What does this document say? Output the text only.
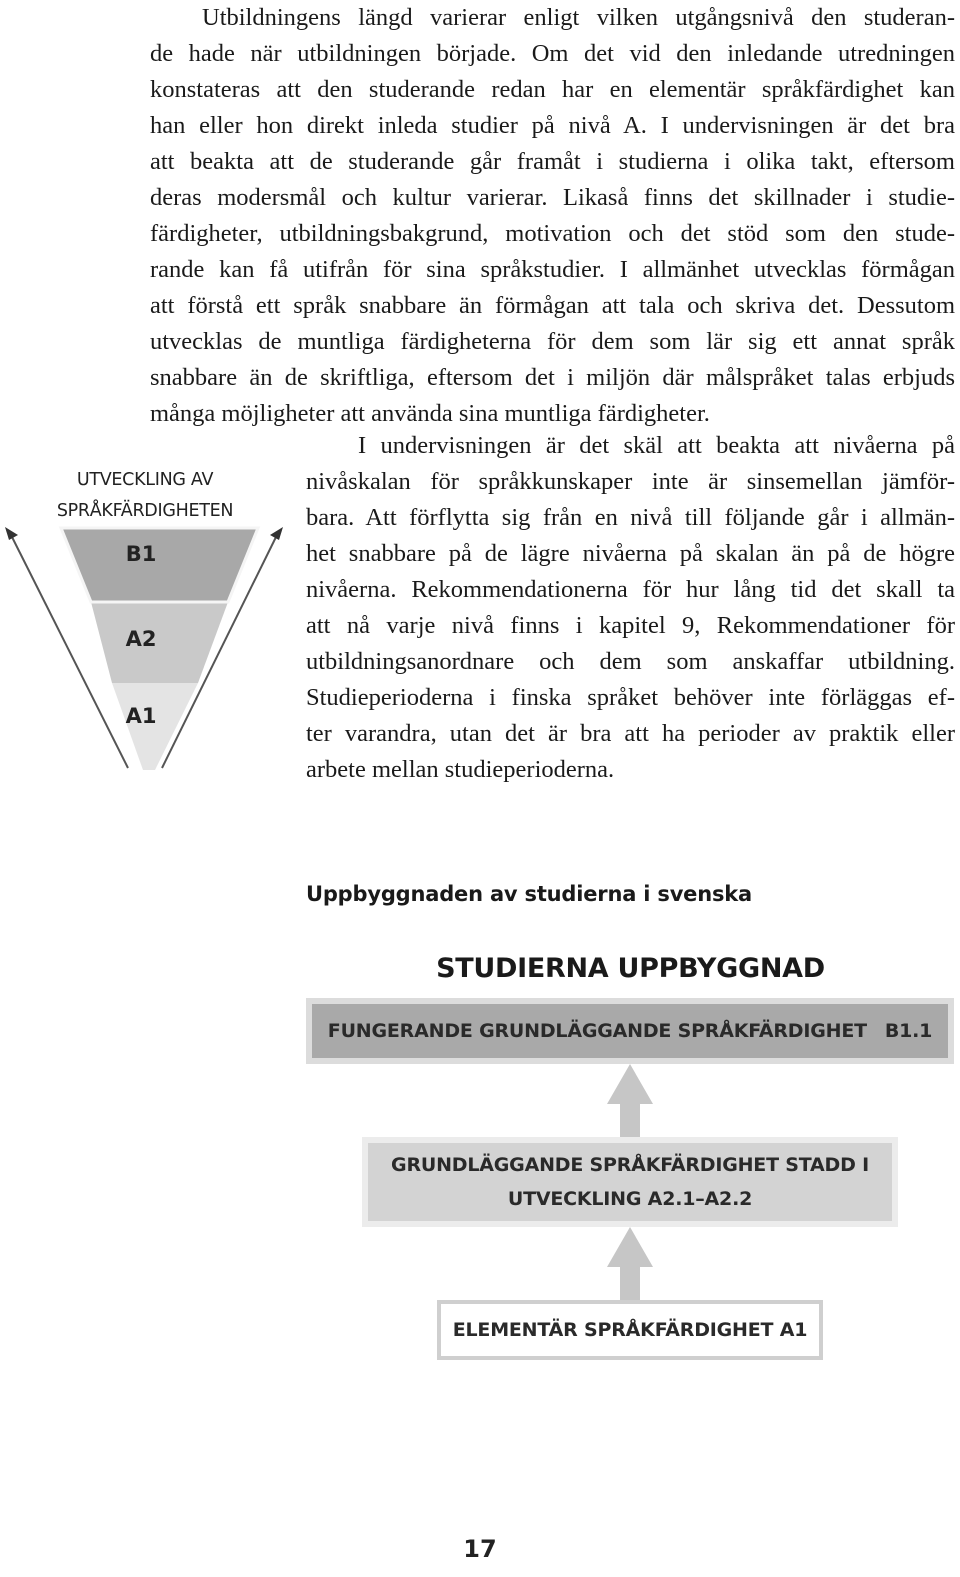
Utbildningens längd varierar enligt vilken utgångsnivå den studeran-
de hade när utbildningen började. Om det vid den inledande utredningen
konstateras att den studerande redan har en elementär språkfärdighet kan
han eller hon direkt inleda studier på nivå A. I undervisningen är det bra
att beakta att de studerande går framåt i studierna i olika takt, eftersom
deras modersmål och kultur varierar. Likaså finns det skillnader i studie-
färdigheter, utbildningsbakgrund, motivation och det stöd som den stude-
rande kan få utifrån för sina språkstudier. I allmänhet utvecklas förmågan
att förstå ett språk snabbare än förmågan att tala och skriva det. Dessutom
utvecklas de muntliga färdigheterna för dem som lär sig ett annat språk
snabbare än de skriftliga, eftersom det i miljön där målspråket talas erbjuds
många möjligheter att använda sina muntliga färdigheter.
UTVECKLING AV
SPRÅKFÄRDIGHETEN
B1
A2
A1
I undervisningen är det skäl att beakta att nivåerna på
nivåskalan för språkkunskaper inte är sinsemellan jämför-
bara. Att förflytta sig från en nivå till följande går i allmän-
het snabbare på de lägre nivåerna på skalan än på de högre
nivåerna. Rekommendationerna för hur lång tid det skall ta
att nå varje nivå finns i kapitel 9, Rekommendationer för
utbildningsanordnare och dem som anskaffar utbildning.
Studieperioderna i finska språket behöver inte förläggas ef-
ter varandra, utan det är bra att ha perioder av praktik eller
arbete mellan studieperioderna.
Uppbyggnaden av studierna i svenska
STUDIERNA UPPBYGGNAD
FUNGERANDE GRUNDLÄGGANDE SPRÅKFÄRDIGHET B1.1
GRUNDLÄGGANDE SPRÅKFÄRDIGHET STADD I
UTVECKLING A2.1–A2.2
ELEMENTÄR SPRÅKFÄRDIGHET A1
17
